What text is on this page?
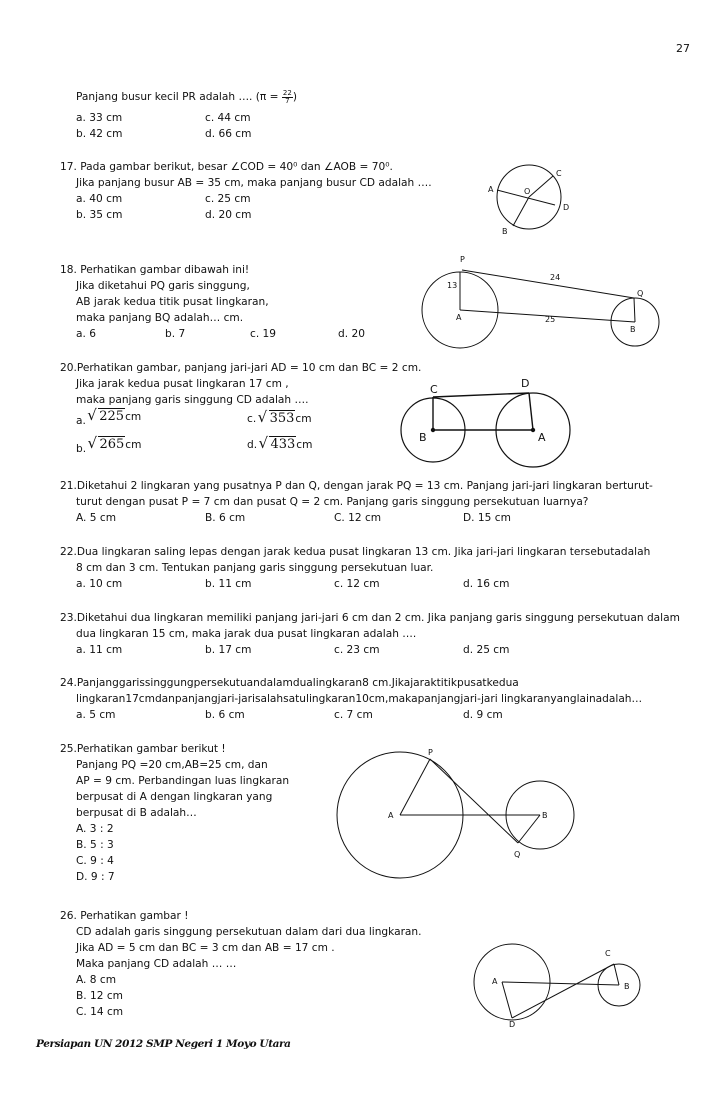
27
Panjang busur kecil PR adalah …. ($\pi = \frac{22}{7}$ )
a. 33 cm	c. 44 cm
b. 42 cm	d. 66 cm
17. Pada gambar berikut, besar ∠COD = 40⁰ dan ∠AOB = 70⁰.
Jika panjang busur AB = 35 cm, maka panjang busur CD adalah ….
a. 40 cm	c. 25 cm
b. 35 cm	d. 20 cm
A	O
C
D
B
18. Perhatikan gambar dibawah ini!
Jika diketahui PQ garis singgung,
AB jarak kedua titik pusat lingkaran,
maka panjang BQ adalah… cm.
a. 6	b. 7	c. 19	d. 20
P
13
24
Q
A	25
B
20.Perhatikan gambar, panjang jari-jari AD = 10 cm dan BC = 2 cm.
Jika jarak kedua pusat lingkaran 17 cm ,
maka panjang garis singgung CD adalah ….
a. √ 225cm	c. √ 353cm
b. √ 265cm	d. √ 433cm
C	D
B	A
21.Diketahui 2 lingkaran yang pusatnya P dan Q, dengan jarak PQ = 13 cm. Panjang jari-jari lingkaran berturut-
turut dengan pusat P = 7 cm dan pusat Q = 2 cm. Panjang garis singgung persekutuan luarnya?
A. 5 cm	B. 6 cm	C. 12 cm	D. 15 cm
22.Dua lingkaran saling lepas dengan jarak kedua pusat lingkaran 13 cm. Jika jari-jari lingkaran tersebutadalah
8 cm dan 3 cm. Tentukan panjang garis singgung persekutuan luar.
a. 10 cm	b. 11 cm	c. 12 cm	d. 16 cm
23.Diketahui dua lingkaran memiliki panjang jari-jari 6 cm dan 2 cm. Jika panjang garis singgung persekutuan dalam
dua lingkaran 15 cm, maka jarak dua pusat lingkaran adalah ….
a. 11 cm	b. 17 cm	c. 23 cm	d. 25 cm
24.Panjanggarissinggungpersekutuandalamdualingkaran8 cm.Jikajaraktitikpusatkedua
lingkaran17cmdanpanjangjari-jarisalahsatulingkaran10cm,makapanjangjari-jari lingkaranyanglainadalah…
a. 5 cm	b. 6 cm	c. 7 cm	d. 9 cm
25.Perhatikan gambar berikut !
Panjang PQ =20 cm,AB=25 cm, dan
AP = 9 cm. Perbandingan luas lingkaran
berpusat di A dengan lingkaran yang
berpusat di B adalah…
A. 3 : 2
B. 5 : 3
C. 9 : 4
D. 9 : 7
P
A	B
Q
26. Perhatikan gambar !
CD adalah garis singgung persekutuan dalam dari dua lingkaran.
Jika AD = 5 cm dan BC = 3 cm dan AB = 17 cm .
Maka panjang CD adalah … …
A. 8 cm
B. 12 cm
C. 14 cm
C
A
B
D
Persiapan UN 2012 SMP Negeri 1 Moyo Utara
